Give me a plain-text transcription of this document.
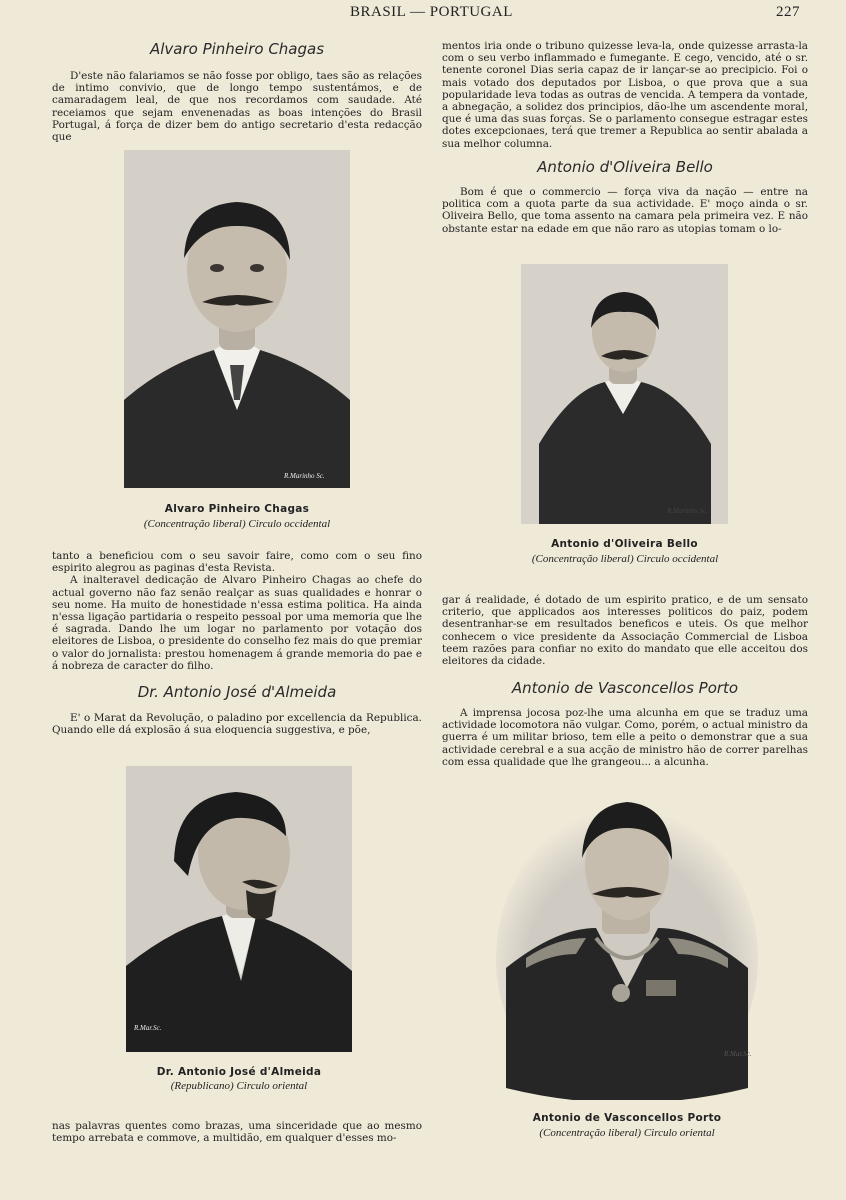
BRASIL — PORTUGAL	227
Alvaro Pinheiro Chagas

D'este não falariamos se não fosse por obligo, taes são as relações de intimo convivio, que de longo tempo sustentámos, e de camaradagem leal, de que nos recordamos com saudade. Até receiamos que sejam envenenadas as boas intenções do Brasil Portugal, á força de dizer bem do antigo secretario d'esta redacção que

R.Marinho Sc.
Alvaro Pinheiro Chagas
(Concentração liberal) Circulo occidental

tanto a beneficiou com o seu savoir faire, como com o seu fino espirito alegrou as paginas d'esta Revista.

A inalteravel dedicação de Alvaro Pinheiro Chagas ao chefe do actual governo não faz senão realçar as suas qualidades e honrar o seu nome. Ha muito de honestidade n'essa estima politica. Ha ainda n'essa ligação partidaria o respeito pessoal por uma memoria que lhe é sagrada. Dando lhe um logar no parlamento por votação dos eleitores de Lisboa, o presidente do conselho fez mais do que premiar o valor do jornalista: prestou homenagem á grande memoria do pae e á nobreza de caracter do filho.

Dr. Antonio José d'Almeida

E' o Marat da Revolução, o paladino por excellencia da Republica. Quando elle dá explosão á sua eloquencia suggestiva, e põe,

R.Mar.Sc.
Dr. Antonio José d'Almeida
(Republicano) Circulo oriental

nas palavras quentes como brazas, uma sinceridade que ao mesmo tempo arrebata e commove, a multidão, em qualquer d'esses mo-

mentos iria onde o tribuno quizesse leva-la, onde quizesse arrasta-la com o seu verbo inflammado e fumegante. E cego, vencido, até o sr. tenente coronel Dias seria capaz de ir lançar-se ao precipicio. Foi o mais votado dos deputados por Lisboa, o que prova que a sua popularidade leva todas as outras de vencida. A tempera da vontade, a abnegação, a solidez dos principios, dão-lhe um ascendente moral, que é uma das suas forças. Se o parlamento consegue estragar estes dotes excepcionaes, terá que tremer a Republica ao sentir abalada a sua melhor columna.

Antonio d'Oliveira Bello

Bom é que o commercio — força viva da nação — entre na politica com a quota parte da sua actividade. E' moço ainda o sr. Oliveira Bello, que toma assento na camara pela primeira vez. E não obstante estar na edade em que não raro as utopias tomam o lo-

R.Marinho Sc.
Antonio d'Oliveira Bello
(Concentração liberal) Circulo occidental

gar á realidade, é dotado de um espirito pratico, e de um sensato criterio, que applicados aos interesses politicos do paiz, podem desentranhar-se em resultados beneficos e uteis. Os que melhor conhecem o vice presidente da Associação Commercial de Lisboa teem razões para confiar no exito do mandato que elle acceitou dos eleitores da cidade.

Antonio de Vasconcellos Porto

A imprensa jocosa poz-lhe uma alcunha em que se traduz uma actividade locomotora não vulgar. Como, porém, o actual ministro da guerra é um militar brioso, tem elle a peito o demonstrar que a sua actividade cerebral e a sua acção de ministro hão de correr parelhas com essa qualidade que lhe grangeou... a alcunha.

R.Mar.Sc.
Antonio de Vasconcellos Porto
(Concentração liberal) Circulo oriental
